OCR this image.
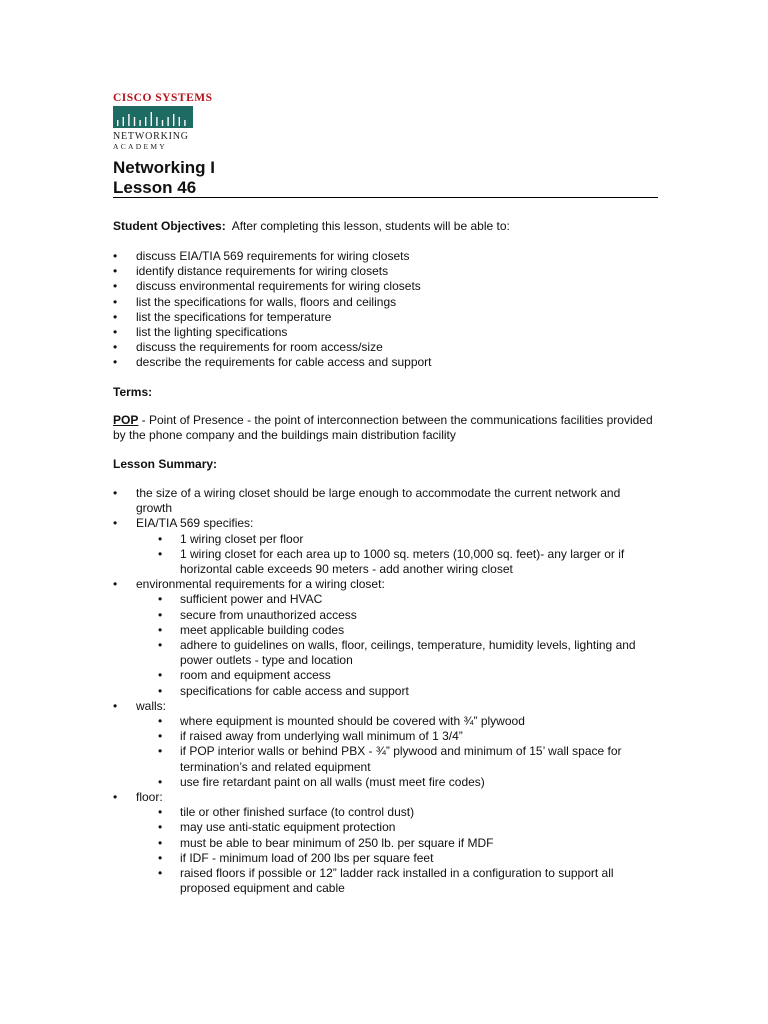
CISCO SYSTEMS
NETWORKING
ACADEMY
Networking I
Lesson 46

Student Objectives: After completing this lesson, students will be able to:

• discuss EIA/TIA 569 requirements for wiring closets
• identify distance requirements for wiring closets
• discuss environmental requirements for wiring closets
• list the specifications for walls, floors and ceilings
• list the specifications for temperature
• list the lighting specifications
• discuss the requirements for room access/size
• describe the requirements for cable access and support

Terms:

POP - Point of Presence - the point of interconnection between the communications facilities provided by the phone company and the buildings main distribution facility

Lesson Summary:

• the size of a wiring closet should be large enough to accommodate the current network and growth
• EIA/TIA 569 specifies:
• 1 wiring closet per floor
• 1 wiring closet for each area up to 1000 sq. meters (10,000 sq. feet)- any larger or if horizontal cable exceeds 90 meters - add another wiring closet
• environmental requirements for a wiring closet:
• sufficient power and HVAC
• secure from unauthorized access
• meet applicable building codes
• adhere to guidelines on walls, floor, ceilings, temperature, humidity levels, lighting and power outlets - type and location
• room and equipment access
• specifications for cable access and support
• walls:
• where equipment is mounted should be covered with ¾” plywood
• if raised away from underlying wall minimum of 1 3/4”
• if POP interior walls or behind PBX - ¾” plywood and minimum of 15’ wall space for termination’s and related equipment
• use fire retardant paint on all walls (must meet fire codes)
• floor:
• tile or other finished surface (to control dust)
• may use anti-static equipment protection
• must be able to bear minimum of 250 lb. per square if MDF
• if IDF - minimum load of 200 lbs per square feet
• raised floors if possible or 12” ladder rack installed in a configuration to support all proposed equipment and cable
